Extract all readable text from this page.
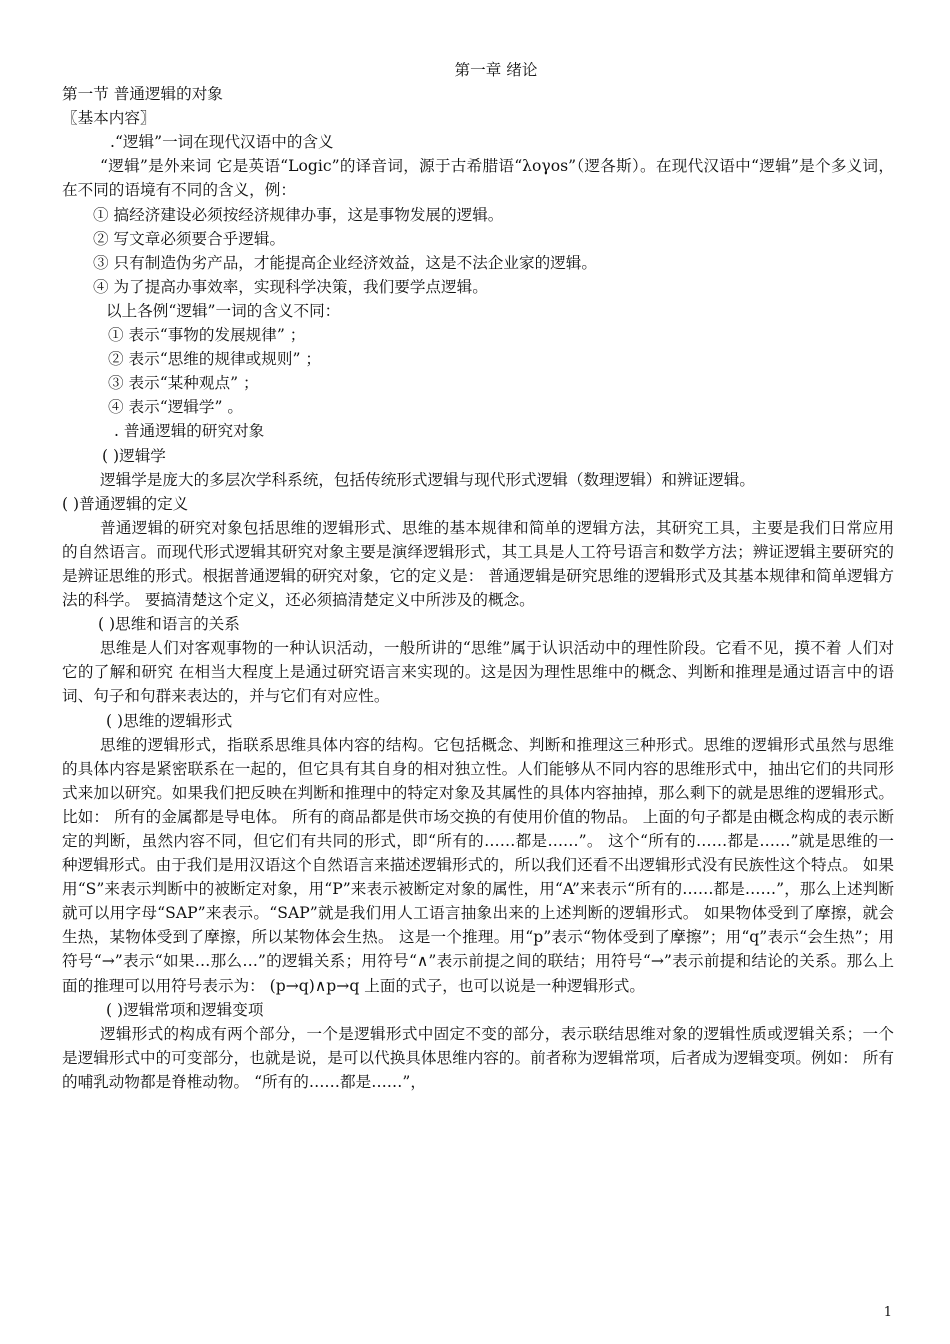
第一章 绪论
第一节 普通逻辑的对象
〖基本内容〗
.“逻辑”一词在现代汉语中的含义

“逻辑”是外来词 它是英语“Logic”的译音词，源于古希腊语“λογοs”（逻各斯）。在现代汉语中“逻辑”是个多义词，在不同的语境有不同的含义，例：

① 搞经济建设必须按经济规律办事，这是事物发展的逻辑。
② 写文章必须要合乎逻辑。
③ 只有制造伪劣产品，才能提高企业经济效益，这是不法企业家的逻辑。
④ 为了提高办事效率，实现科学决策，我们要学点逻辑。
以上各例“逻辑”一词的含义不同：
① 表示“事物的发展规律” ；
② 表示“思维的规律或规则” ；
③ 表示“某种观点” ；
④ 表示“逻辑学” 。
. 普通逻辑的研究对象
( )逻辑学

逻辑学是庞大的多层次学科系统，包括传统形式逻辑与现代形式逻辑（数理逻辑）和辨证逻辑。

( )普通逻辑的定义

普通逻辑的研究对象包括思维的逻辑形式、思维的基本规律和简单的逻辑方法，其研究工具，主要是我们日常应用的自然语言。而现代形式逻辑其研究对象主要是演绎逻辑形式，其工具是人工符号语言和数学方法；辨证逻辑主要研究的是辨证思维的形式。根据普通逻辑的研究对象，它的定义是： 普通逻辑是研究思维的逻辑形式及其基本规律和简单逻辑方法的科学。 要搞清楚这个定义，还必须搞清楚定义中所涉及的概念。

( )思维和语言的关系

思维是人们对客观事物的一种认识活动，一般所讲的“思维”属于认识活动中的理性阶段。它看不见，摸不着 人们对它的了解和研究 在相当大程度上是通过研究语言来实现的。这是因为理性思维中的概念、判断和推理是通过语言中的语词、句子和句群来表达的，并与它们有对应性。

( )思维的逻辑形式

思维的逻辑形式，指联系思维具体内容的结构。它包括概念、判断和推理这三种形式。思维的逻辑形式虽然与思维的具体内容是紧密联系在一起的，但它具有其自身的相对独立性。人们能够从不同内容的思维形式中，抽出它们的共同形式来加以研究。如果我们把反映在判断和推理中的特定对象及其属性的具体内容抽掉，那么剩下的就是思维的逻辑形式。比如： 所有的金属都是导电体。 所有的商品都是供市场交换的有使用价值的物品。 上面的句子都是由概念构成的表示断定的判断，虽然内容不同，但它们有共同的形式，即“所有的……都是……”。 这个“所有的……都是……”就是思维的一种逻辑形式。由于我们是用汉语这个自然语言来描述逻辑形式的，所以我们还看不出逻辑形式没有民族性这个特点。 如果用“S”来表示判断中的被断定对象，用“P”来表示被断定对象的属性，用“A”来表示“所有的……都是……”，那么上述判断就可以用字母“SAP”来表示。“SAP”就是我们用人工语言抽象出来的上述判断的逻辑形式。 如果物体受到了摩擦，就会生热，某物体受到了摩擦，所以某物体会生热。 这是一个推理。用“p”表示“物体受到了摩擦”；用“q”表示“会生热”；用符号“→”表示“如果…那么…”的逻辑关系；用符号“∧”表示前提之间的联结；用符号“→”表示前提和结论的关系。那么上面的推理可以用符号表示为： (p→q)∧p→q 上面的式子，也可以说是一种逻辑形式。

( )逻辑常项和逻辑变项

逻辑形式的构成有两个部分，一个是逻辑形式中固定不变的部分，表示联结思维对象的逻辑性质或逻辑关系；一个是逻辑形式中的可变部分，也就是说，是可以代换具体思维内容的。前者称为逻辑常项，后者成为逻辑变项。例如： 所有的哺乳动物都是脊椎动物。 “所有的……都是……”，

1
